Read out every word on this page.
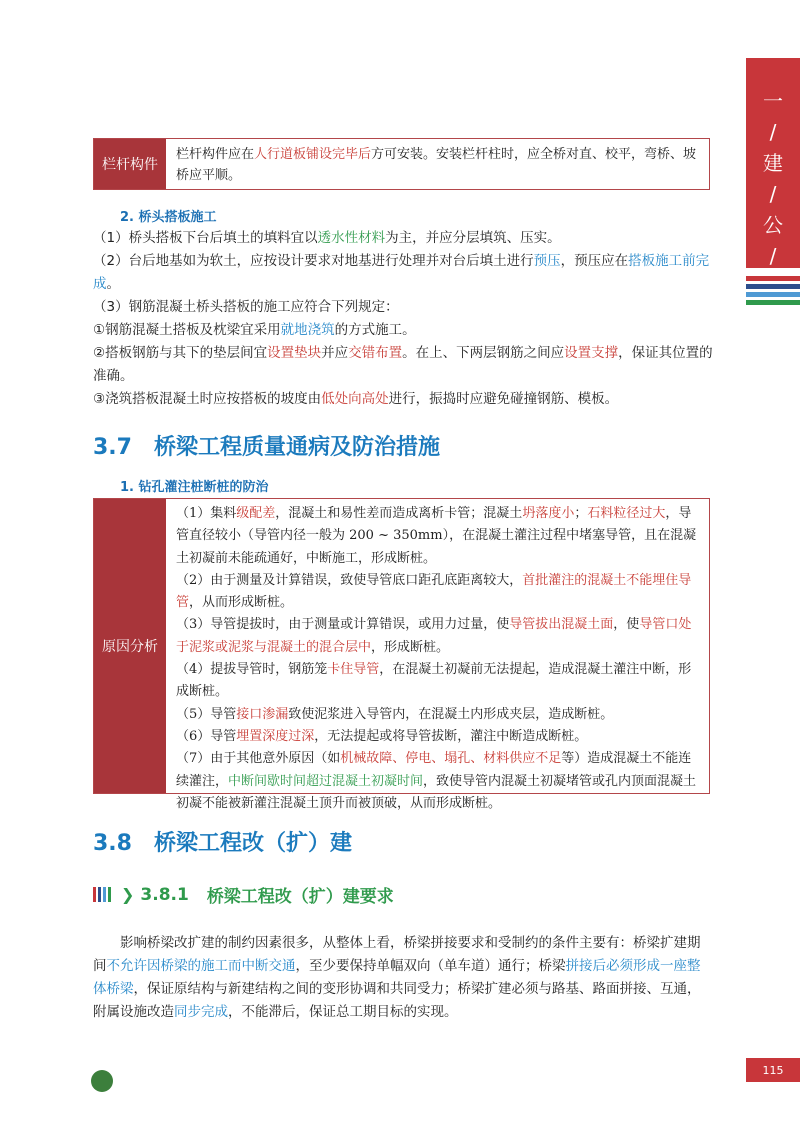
一
/
建
/
公
/
栏杆构件
栏杆构件应在人行道板铺设完毕后方可安装。安装栏杆柱时，应全桥对直、校平，弯桥、坡桥应平顺。
2. 桥头搭板施工
（1）桥头搭板下台后填土的填料宜以透水性材料为主，并应分层填筑、压实。
（2）台后地基如为软土，应按设计要求对地基进行处理并对台后填土进行预压，预压应在搭板施工前完成。
（3）钢筋混凝土桥头搭板的施工应符合下列规定：
①钢筋混凝土搭板及枕梁宜采用就地浇筑的方式施工。
②搭板钢筋与其下的垫层间宜设置垫块并应交错布置。在上、下两层钢筋之间应设置支撑，保证其位置的准确。
③浇筑搭板混凝土时应按搭板的坡度由低处向高处进行，振捣时应避免碰撞钢筋、模板。
3.7 桥梁工程质量通病及防治措施
1. 钻孔灌注桩断桩的防治
原因分析
（1）集料级配差，混凝土和易性差而造成离析卡管；混凝土坍落度小；石料粒径过大，导管直径较小（导管内径一般为 200 ~ 350mm），在混凝土灌注过程中堵塞导管，且在混凝土初凝前未能疏通好，中断施工，形成断桩。
（2）由于测量及计算错误，致使导管底口距孔底距离较大，首批灌注的混凝土不能埋住导管，从而形成断桩。
（3）导管提拔时，由于测量或计算错误，或用力过量，使导管拔出混凝土面，使导管口处于泥浆或泥浆与混凝土的混合层中，形成断桩。
（4）提拔导管时，钢筋笼卡住导管，在混凝土初凝前无法提起，造成混凝土灌注中断，形成断桩。
（5）导管接口渗漏致使泥浆进入导管内，在混凝土内形成夹层，造成断桩。
（6）导管埋置深度过深，无法提起或将导管拔断，灌注中断造成断桩。
（7）由于其他意外原因（如机械故障、停电、塌孔、材料供应不足等）造成混凝土不能连续灌注，中断间歇时间超过混凝土初凝时间，致使导管内混凝土初凝堵管或孔内顶面混凝土初凝不能被新灌注混凝土顶升而被顶破，从而形成断桩。
3.8 桥梁工程改（扩）建
❯ 3.8.1 桥梁工程改（扩）建要求
影响桥梁改扩建的制约因素很多，从整体上看，桥梁拼接要求和受制约的条件主要有：桥梁扩建期间不允许因桥梁的施工而中断交通，至少要保持单幅双向（单车道）通行；桥梁拼接后必须形成一座整体桥梁，保证原结构与新建结构之间的变形协调和共同受力；桥梁扩建必须与路基、路面拼接、互通，附属设施改造同步完成，不能滞后，保证总工期目标的实现。
115
